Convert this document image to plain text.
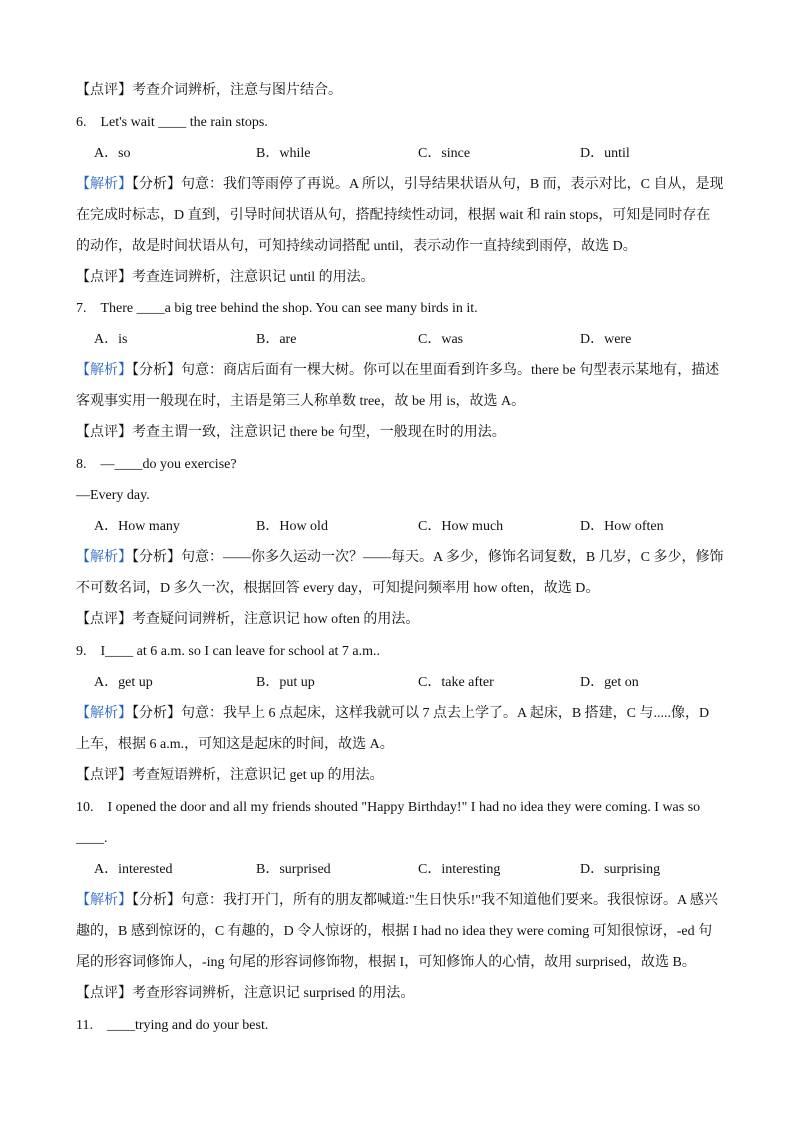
【点评】考查介词辨析，注意与图片结合。
6.　Let's wait ____ the rain stops.
A．so	B．while	C．since	D．until
【解析】【分析】句意：我们等雨停了再说。A 所以，引导结果状语从句，B 而，表示对比，C 自从，是现
在完成时标志，D 直到，引导时间状语从句，搭配持续性动词，根据 wait 和 rain stops，可知是同时存在
的动作，故是时间状语从句，可知持续动词搭配 until，表示动作一直持续到雨停，故选 D。
【点评】考查连词辨析，注意识记 until 的用法。
7.　There ____a big tree behind the shop. You can see many birds in it.
A．is	B．are	C．was	D．were
【解析】【分析】句意：商店后面有一棵大树。你可以在里面看到许多鸟。there be 句型表示某地有，描述
客观事实用一般现在时，主语是第三人称单数 tree，故 be 用 is，故选 A。
【点评】考查主谓一致，注意识记 there be 句型，一般现在时的用法。
8.　—____do you exercise?
—Every day.
A．How many	B．How old	C．How much	D．How often
【解析】【分析】句意：——你多久运动一次？——每天。A 多少，修饰名词复数，B 几岁，C 多少，修饰
不可数名词，D 多久一次，根据回答 every day，可知提问频率用 how often，故选 D。
【点评】考查疑问词辨析，注意识记 how often 的用法。
9.　I____ at 6 a.m. so I can leave for school at 7 a.m..
A．get up	B．put up	C．take after	D．get on
【解析】【分析】句意：我早上 6 点起床，这样我就可以 7 点去上学了。A 起床，B 搭建，C 与.....像，D
上车，根据 6 a.m.，可知这是起床的时间，故选 A。
【点评】考查短语辨析，注意识记 get up 的用法。
10.　I opened the door and all my friends shouted "Happy Birthday!" I had no idea they were coming. I was so
____.
A．interested	B．surprised	C．interesting	D．surprising
【解析】【分析】句意：我打开门，所有的朋友都喊道:"生日快乐!"我不知道他们要来。我很惊讶。A 感兴
趣的，B 感到惊讶的，C 有趣的，D 令人惊讶的，根据 I had no idea they were coming 可知很惊讶，-ed 句
尾的形容词修饰人，-ing 句尾的形容词修饰物，根据 I，可知修饰人的心情，故用 surprised，故选 B。
【点评】考查形容词辨析，注意识记 surprised 的用法。
11.　____trying and do your best.
